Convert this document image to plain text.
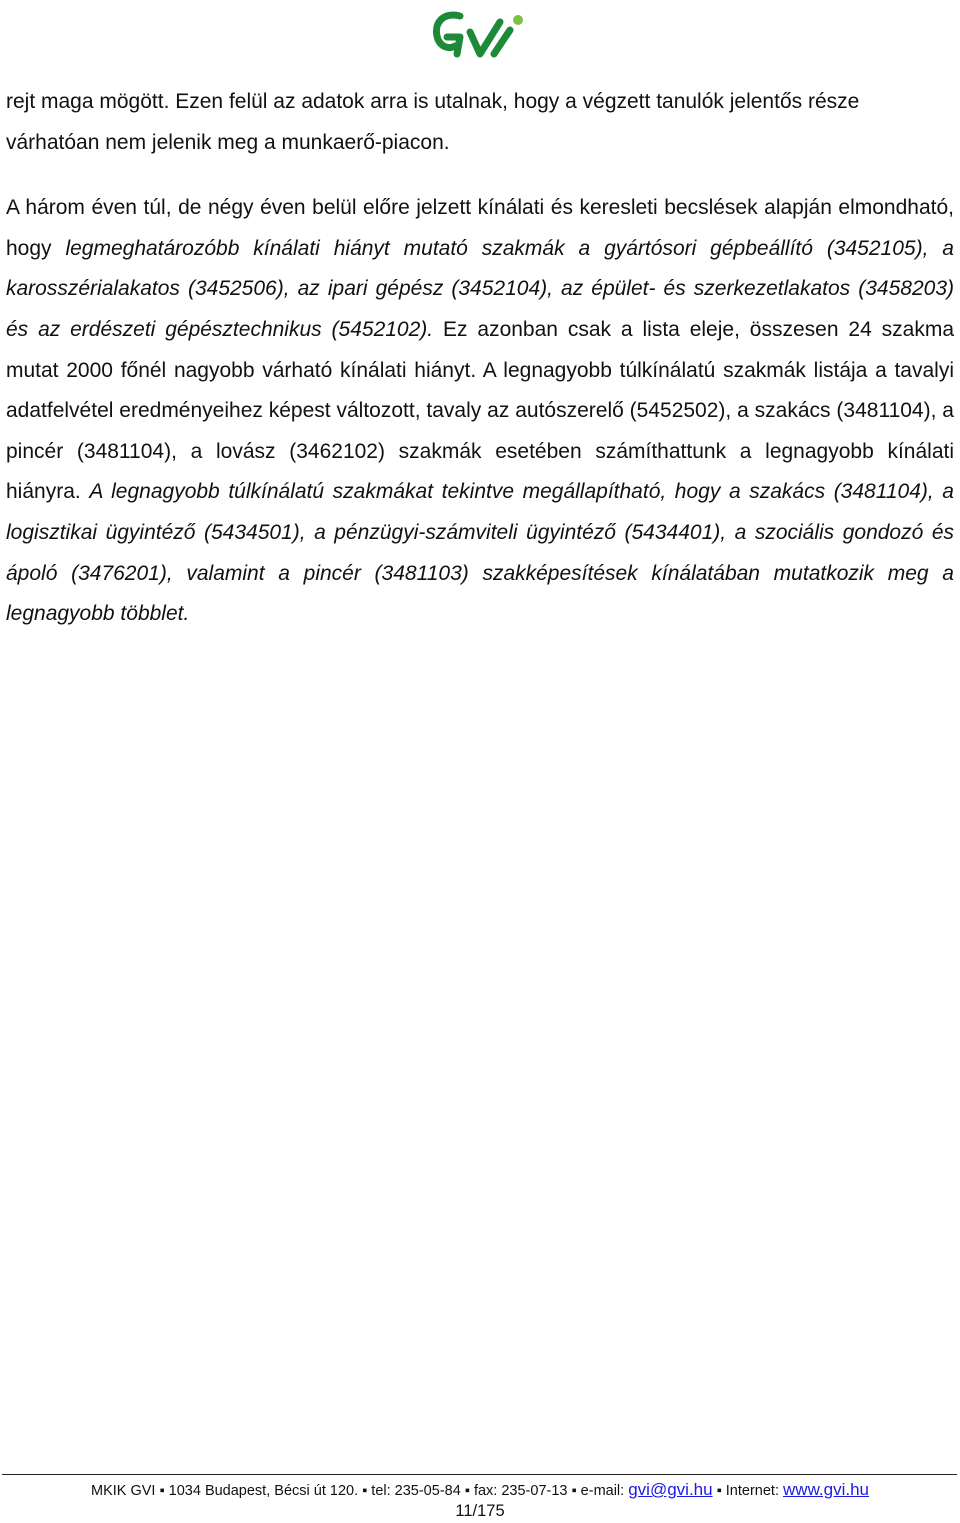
rejt maga mögött. Ezen felül az adatok arra is utalnak, hogy a végzett tanulók jelentős része várhatóan nem jelenik meg a munkaerő-piacon.

A három éven túl, de négy éven belül előre jelzett kínálati és keresleti becslések alapján elmondható, hogy legmeghatározóbb kínálati hiányt mutató szakmák a gyártósori gépbeállító (3452105), a karosszérialakatos (3452506), az ipari gépész (3452104), az épület- és szerkezetlakatos (3458203) és az erdészeti gépésztechnikus (5452102). Ez azonban csak a lista eleje, összesen 24 szakma mutat 2000 főnél nagyobb várható kínálati hiányt. A legnagyobb túlkínálatú szakmák listája a tavalyi adatfelvétel eredményeihez képest változott, tavaly az autószerelő (5452502), a szakács (3481104), a pincér (3481104), a lovász (3462102) szakmák esetében számíthattunk a legnagyobb kínálati hiányra. A legnagyobb túlkínálatú szakmákat tekintve megállapítható, hogy a szakács (3481104), a logisztikai ügyintéző (5434501), a pénzügyi-számviteli ügyintéző (5434401), a szociális gondozó és ápoló (3476201), valamint a pincér (3481103) szakképesítések kínálatában mutatkozik meg a legnagyobb többlet.

MKIK GVI ▪ 1034 Budapest, Bécsi út 120. ▪ tel: 235-05-84 ▪ fax: 235-07-13 ▪ e-mail: gvi@gvi.hu ▪ Internet: www.gvi.hu
11/175
